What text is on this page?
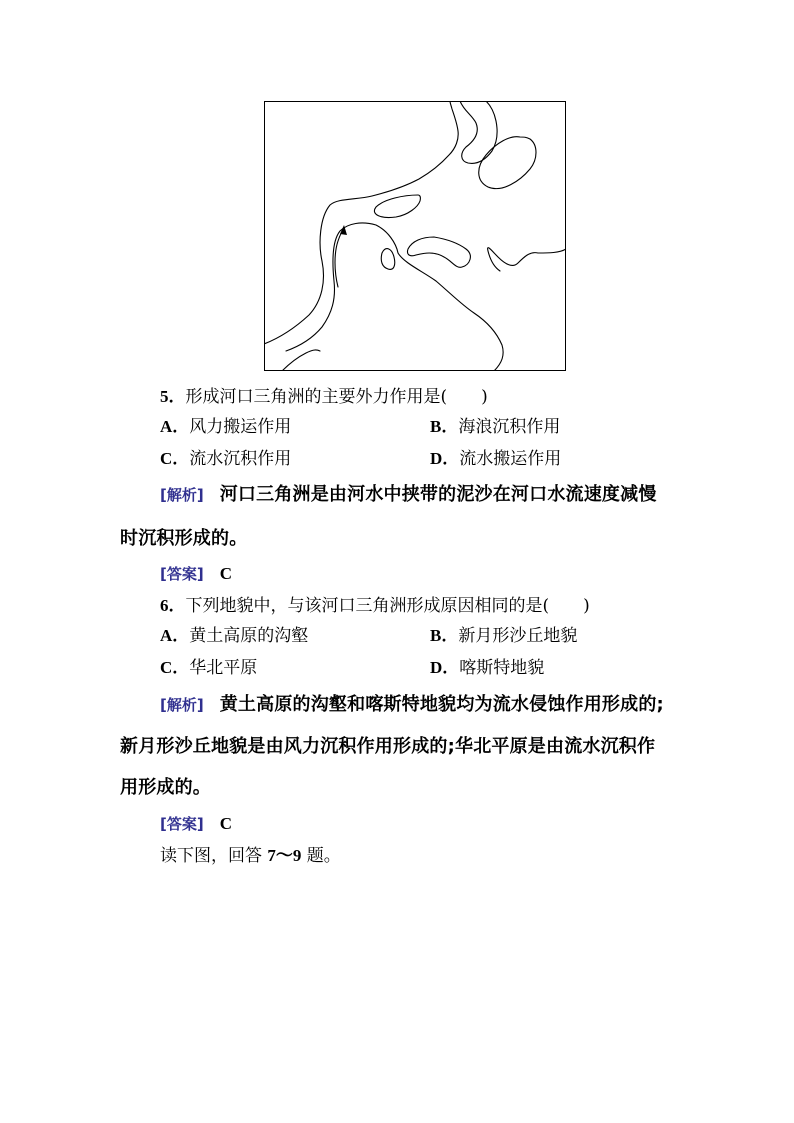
5．形成河口三角洲的主要外力作用是(　　)
A．风力搬运作用	B．海浪沉积作用
C．流水沉积作用	D．流水搬运作用
[解析] 河口三角洲是由河水中挟带的泥沙在河口水流速度减慢
时沉积形成的。
[答案] C
6．下列地貌中，与该河口三角洲形成原因相同的是(　　)
A．黄土高原的沟壑	B．新月形沙丘地貌
C．华北平原	D．喀斯特地貌
[解析] 黄土高原的沟壑和喀斯特地貌均为流水侵蚀作用形成的;
新月形沙丘地貌是由风力沉积作用形成的;华北平原是由流水沉积作
用形成的。
[答案] C
读下图，回答 7～9 题。
